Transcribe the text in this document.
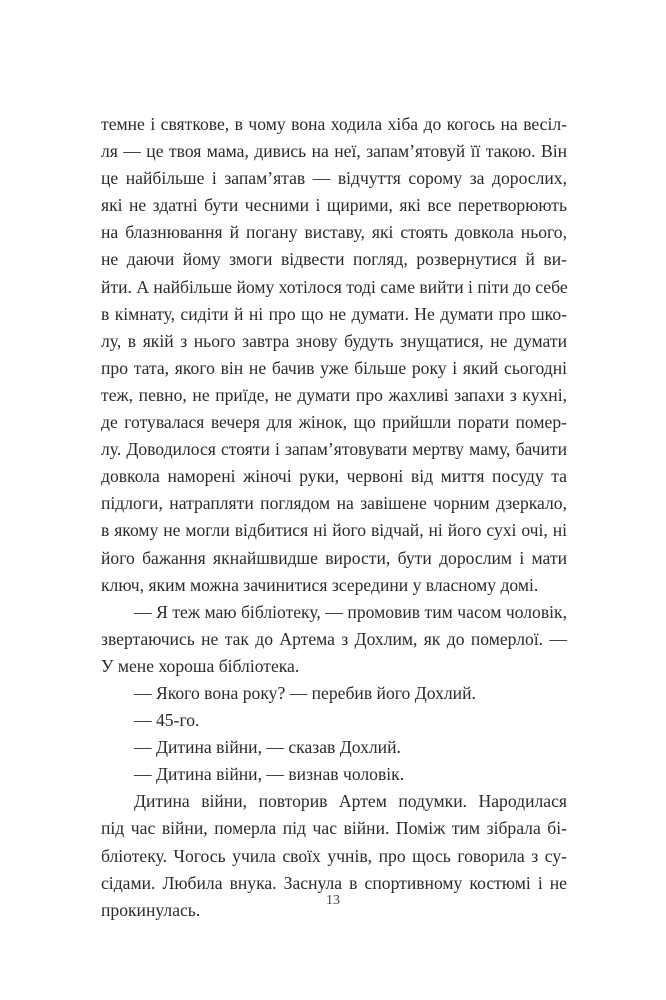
темне і святкове, в чому вона ходила хіба до когось на весіл-
ля — це твоя мама, дивись на неї, запам’ятовуй її такою. Він
це найбільше і запам’ятав — відчуття сорому за дорослих,
які не здатні бути чесними і щирими, які все перетворюють
на блазнювання й погану виставу, які стоять довкола нього,
не даючи йому змоги відвести погляд, розвернутися й ви-
йти. А найбільше йому хотілося тоді саме вийти і піти до себе
в кімнату, сидіти й ні про що не думати. Не думати про шко-
лу, в якій з нього завтра знову будуть знущатися, не думати
про тата, якого він не бачив уже більше року і який сьогодні
теж, певно, не приїде, не думати про жахливі запахи з кухні,
де готувалася вечеря для жінок, що прийшли порати помер-
лу. Доводилося стояти і запам’ятовувати мертву маму, бачити
довкола наморені жіночі руки, червоні від миття посуду та
підлоги, натрапляти поглядом на завішене чорним дзеркало,
в якому не могли відбитися ні його відчай, ні його сухі очі, ні
його бажання якнайшвидше вирости, бути дорослим і мати
ключ, яким можна зачинитися зсередини у власному домі.
— Я теж маю бібліотеку, — промовив тим часом чоловік,
звертаючись не так до Артема з Дохлим, як до померлої. —
У мене хороша бібліотека.
— Якого вона року? — перебив його Дохлий.
— 45-го.
— Дитина війни, — сказав Дохлий.
— Дитина війни, — визнав чоловік.
Дитина війни, повторив Артем подумки. Народилася
під час війни, померла під час війни. Поміж тим зібрала бі-
бліотеку. Чогось учила своїх учнів, про щось говорила з су-
сідами. Любила внука. Заснула в спортивному костюмі і не
прокинулась.	13
